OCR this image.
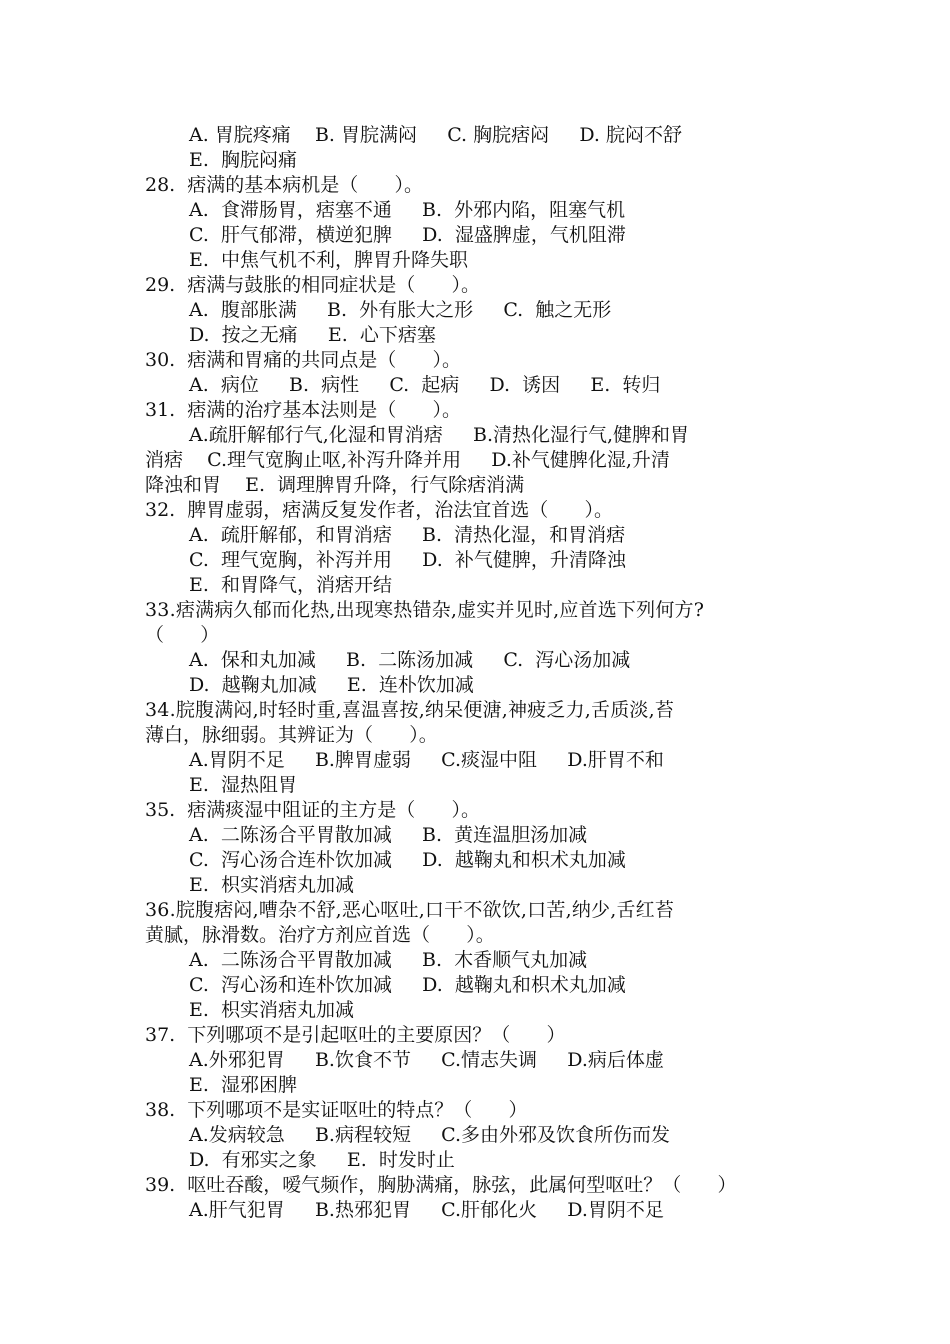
A. 胃脘疼痛    B. 胃脘满闷     C. 胸脘痞闷     D. 脘闷不舒
E.  胸脘闷痛
28.  痞满的基本病机是（      ）。
A.  食滞肠胃，痞塞不通     B.  外邪内陷，阻塞气机
C.  肝气郁滞，横逆犯脾     D.  湿盛脾虚，气机阻滞
E.  中焦气机不利，脾胃升降失职
29.  痞满与鼓胀的相同症状是（      ）。
A.  腹部胀满     B.  外有胀大之形     C.  触之无形
D.  按之无痛     E.  心下痞塞
30.  痞满和胃痛的共同点是（      ）。
A.  病位     B.  病性     C.  起病     D.  诱因     E.  转归
31.  痞满的治疗基本法则是（      ）。
A.疏肝解郁行气,化湿和胃消痞     B.清热化湿行气,健脾和胃
消痞    C.理气宽胸止呕,补泻升降并用     D.补气健脾化湿,升清
降浊和胃    E.  调理脾胃升降，行气除痞消满
32.  脾胃虚弱，痞满反复发作者，治法宜首选（      ）。
A.  疏肝解郁，和胃消痞     B.  清热化湿，和胃消痞
C.  理气宽胸，补泻并用     D.  补气健脾，升清降浊
E.  和胃降气，消痞开结
33.痞满病久郁而化热,出现寒热错杂,虚实并见时,应首选下列何方?
（      ）
A.  保和丸加减     B.  二陈汤加减     C.  泻心汤加减
D.  越鞠丸加减     E.  连朴饮加减
34.脘腹满闷,时轻时重,喜温喜按,纳呆便溏,神疲乏力,舌质淡,苔
薄白，脉细弱。其辨证为（      ）。
A.胃阴不足     B.脾胃虚弱     C.痰湿中阻     D.肝胃不和
E.  湿热阻胃
35.  痞满痰湿中阻证的主方是（      ）。
A.  二陈汤合平胃散加减     B.  黄连温胆汤加减
C.  泻心汤合连朴饮加减     D.  越鞠丸和枳术丸加减
E.  枳实消痞丸加减
36.脘腹痞闷,嘈杂不舒,恶心呕吐,口干不欲饮,口苦,纳少,舌红苔
黄腻，脉滑数。治疗方剂应首选（      ）。
A.  二陈汤合平胃散加减     B.  木香顺气丸加减
C.  泻心汤和连朴饮加减     D.  越鞠丸和枳术丸加减
E.  枳实消痞丸加减
37.  下列哪项不是引起呕吐的主要原因？（      ）
A.外邪犯胃     B.饮食不节     C.情志失调     D.病后体虚
E.  湿邪困脾
38.  下列哪项不是实证呕吐的特点？（      ）
A.发病较急     B.病程较短     C.多由外邪及饮食所伤而发
D.  有邪实之象     E.  时发时止
39.  呕吐吞酸，嗳气频作，胸胁满痛，脉弦，此属何型呕吐？（      ）
A.肝气犯胃     B.热邪犯胃     C.肝郁化火     D.胃阴不足
